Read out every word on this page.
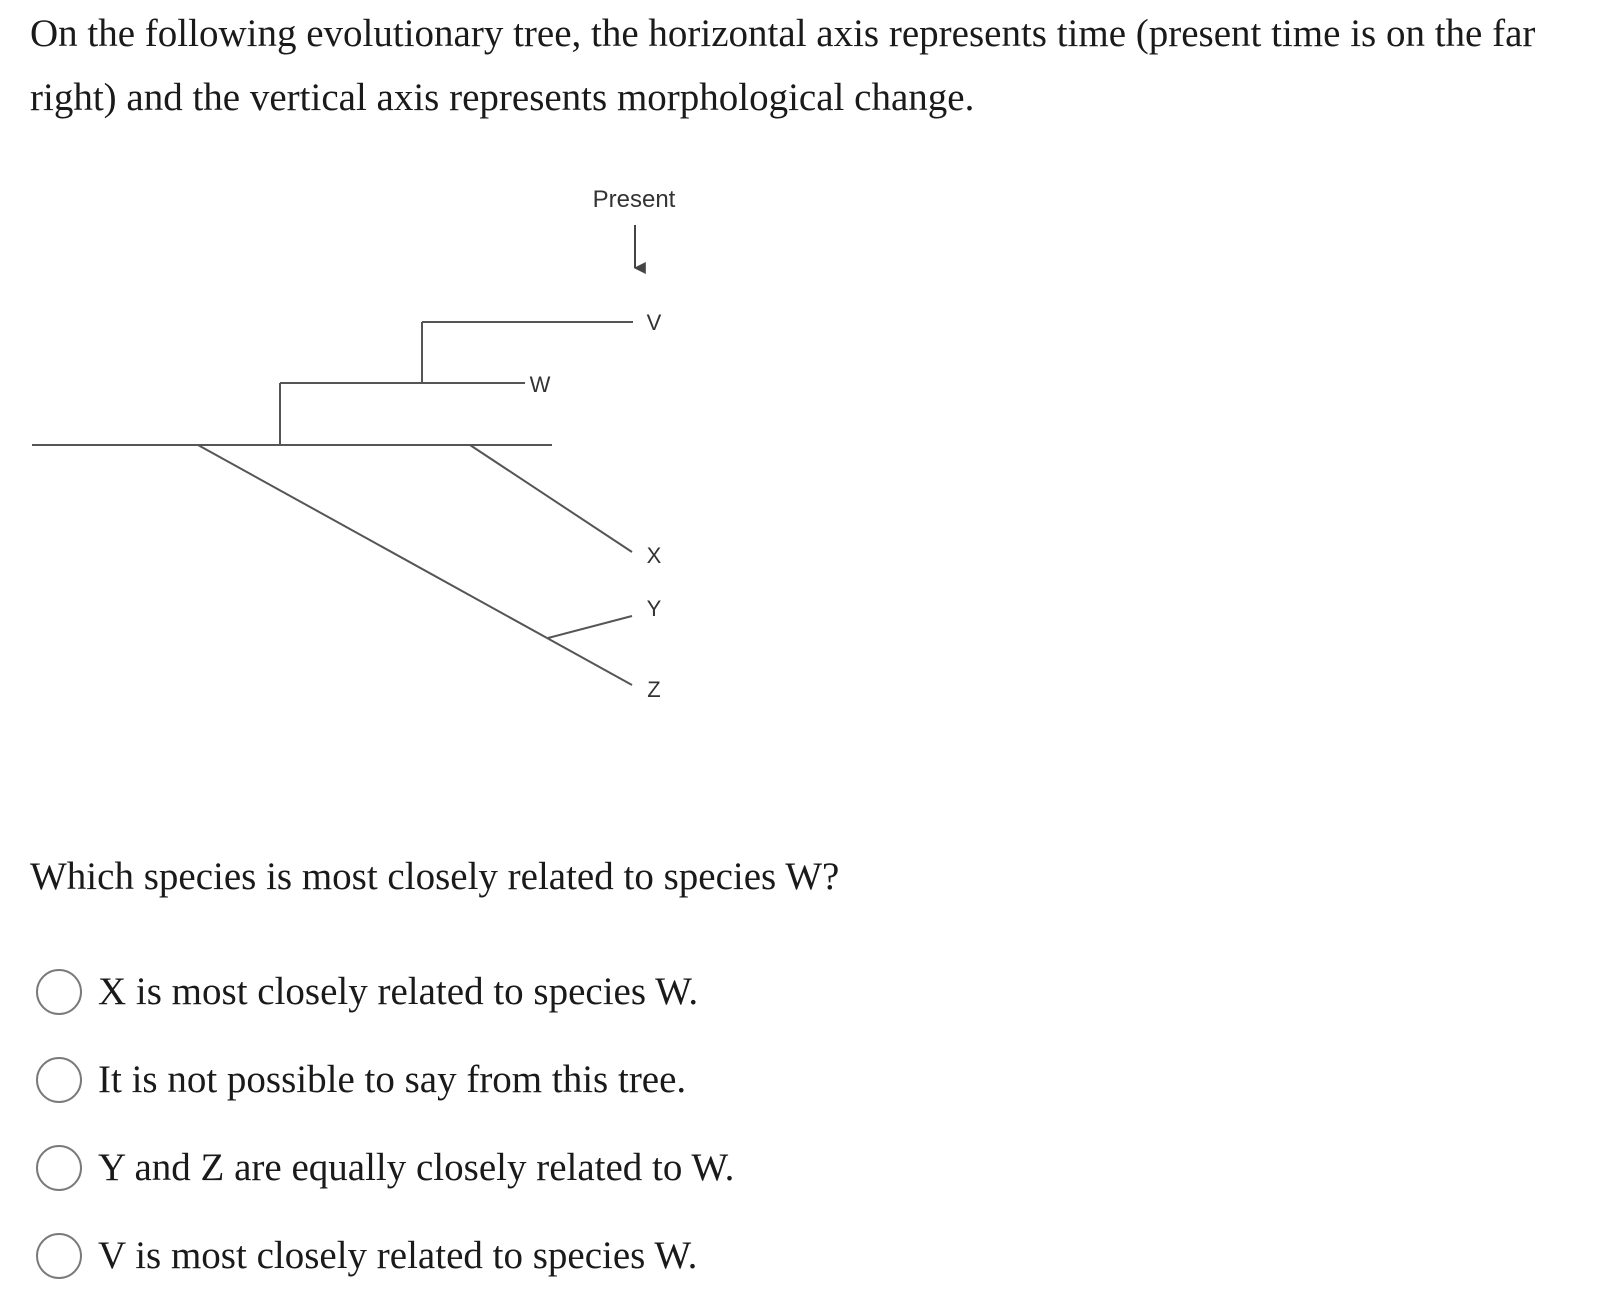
On the following evolutionary tree, the horizontal axis represents time (present time is on the far right) and the vertical axis represents morphological change.

Present
V
W
X
Y
Z

Which species is most closely related to species W?

X is most closely related to species W.
It is not possible to say from this tree.
Y and Z are equally closely related to W.
V is most closely related to species W.
